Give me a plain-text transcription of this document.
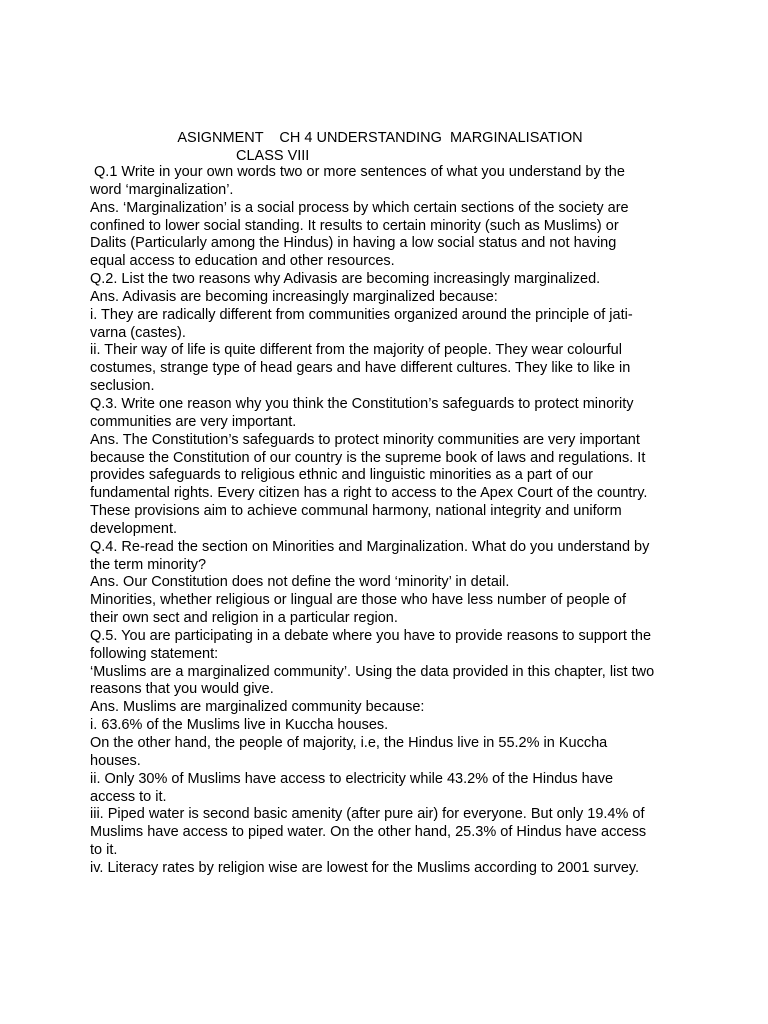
ASIGNMENT    CH 4 UNDERSTANDING  MARGINALISATION
CLASS VIII
Q.1 Write in your own words two or more sentences of what you understand by the
word ‘marginalization’.
Ans. ‘Marginalization’ is a social process by which certain sections of the society are
confined to lower social standing. It results to certain minority (such as Muslims) or
Dalits (Particularly among the Hindus) in having a low social status and not having
equal access to education and other resources.
Q.2. List the two reasons why Adivasis are becoming increasingly marginalized.
Ans. Adivasis are becoming increasingly marginalized because:
i. They are radically different from communities organized around the principle of jati-
varna (castes).
ii. Their way of life is quite different from the majority of people. They wear colourful
costumes, strange type of head gears and have different cultures. They like to like in
seclusion.
Q.3. Write one reason why you think the Constitution’s safeguards to protect minority
communities are very important.
Ans. The Constitution’s safeguards to protect minority communities are very important
because the Constitution of our country is the supreme book of laws and regulations. It
provides safeguards to religious ethnic and linguistic minorities as a part of our
fundamental rights. Every citizen has a right to access to the Apex Court of the country.
These provisions aim to achieve communal harmony, national integrity and uniform
development.
Q.4. Re-read the section on Minorities and Marginalization. What do you understand by
the term minority?
Ans. Our Constitution does not define the word ‘minority’ in detail.
Minorities, whether religious or lingual are those who have less number of people of
their own sect and religion in a particular region.
Q.5. You are participating in a debate where you have to provide reasons to support the
following statement:
‘Muslims are a marginalized community’. Using the data provided in this chapter, list two
reasons that you would give.
Ans. Muslims are marginalized community because:
i. 63.6% of the Muslims live in Kuccha houses.
On the other hand, the people of majority, i.e, the Hindus live in 55.2% in Kuccha
houses.
ii. Only 30% of Muslims have access to electricity while 43.2% of the Hindus have
access to it.
iii. Piped water is second basic amenity (after pure air) for everyone. But only 19.4% of
Muslims have access to piped water. On the other hand, 25.3% of Hindus have access
to it.
iv. Literacy rates by religion wise are lowest for the Muslims according to 2001 survey.
